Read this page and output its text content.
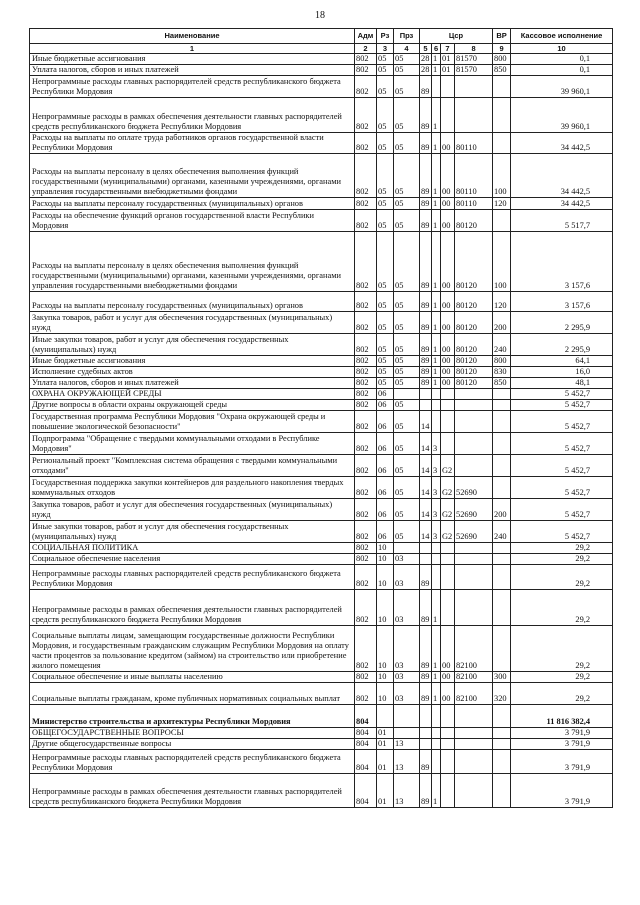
18
Наименование	Адм	Рз	Прз	Цср				ВР	Кассовое исполнение
1	2	3	4	5	6	7	8	9	10
Иные бюджетные ассигнования	802	05	05	28	1	01	81570	800	0,1
Уплата налогов, сборов и иных платежей	802	05	05	28	1	01	81570	850	0,1
Непрограммные расходы главных распорядителей средств республиканского бюджета Республики Мордовия	802	05	05	89					39 960,1
Непрограммные расходы в рамках обеспечения деятельности главных распорядителей средств республиканского бюджета Республики Мордовия	802	05	05	89	1				39 960,1
Расходы на выплаты по оплате труда работников органов государственной власти Республики Мордовия	802	05	05	89	1	00	80110		34 442,5
Расходы на выплаты персоналу в целях обеспечения выполнения функций государственными (муниципальными) органами, казенными учреждениями, органами управления государственными внебюджетными фондами	802	05	05	89	1	00	80110	100	34 442,5
Расходы на выплаты персоналу государственных (муниципальных) органов	802	05	05	89	1	00	80110	120	34 442,5
Расходы на обеспечение функций органов государственной власти Республики Мордовия	802	05	05	89	1	00	80120		5 517,7
Расходы на выплаты персоналу в целях обеспечения выполнения функций государственными (муниципальными) органами, казенными учреждениями, органами управления государственными внебюджетными фондами	802	05	05	89	1	00	80120	100	3 157,6
Расходы на выплаты персоналу государственных (муниципальных) органов	802	05	05	89	1	00	80120	120	3 157,6
Закупка товаров, работ и услуг для обеспечения государственных (муниципальных) нужд	802	05	05	89	1	00	80120	200	2 295,9
Иные закупки товаров, работ и услуг для обеспечения государственных (муниципальных) нужд	802	05	05	89	1	00	80120	240	2 295,9
Иные бюджетные ассигнования	802	05	05	89	1	00	80120	800	64,1
Исполнение судебных актов	802	05	05	89	1	00	80120	830	16,0
Уплата налогов, сборов и иных платежей	802	05	05	89	1	00	80120	850	48,1
ОХРАНА ОКРУЖАЮЩЕЙ СРЕДЫ	802	06							5 452,7
Другие вопросы в области охраны окружающей среды	802	06	05						5 452,7
Государственная программа Республики Мордовия "Охрана окружающей среды и повышение экологической безопасности"	802	06	05	14					5 452,7
Подпрограмма "Обращение с твердыми коммунальными отходами в Республике Мордовия"	802	06	05	14	3				5 452,7
Региональный проект "Комплексная система обращения с твердыми коммунальными отходами"	802	06	05	14	3	G2			5 452,7
Государственная поддержка закупки контейнеров для раздельного накопления твердых коммунальных отходов	802	06	05	14	3	G2	52690		5 452,7
Закупка товаров, работ и услуг для обеспечения государственных (муниципальных) нужд	802	06	05	14	3	G2	52690	200	5 452,7
Иные закупки товаров, работ и услуг для обеспечения государственных (муниципальных) нужд	802	06	05	14	3	G2	52690	240	5 452,7
СОЦИАЛЬНАЯ ПОЛИТИКА	802	10							29,2
Социальное обеспечение населения	802	10	03						29,2
Непрограммные расходы главных распорядителей средств республиканского бюджета Республики Мордовия	802	10	03	89					29,2
Непрограммные расходы в рамках обеспечения деятельности главных распорядителей средств республиканского бюджета Республики Мордовия	802	10	03	89	1				29,2
Социальные выплаты лицам, замещающим государственные должности Республики Мордовия, и государственным гражданским служащим Республики Мордовия на оплату части процентов за пользование кредитом (займом) на строительство или приобретение жилого помещения	802	10	03	89	1	00	82100		29,2
Социальное обеспечение и иные выплаты населению	802	10	03	89	1	00	82100	300	29,2
Социальные выплаты гражданам, кроме публичных нормативных социальных выплат	802	10	03	89	1	00	82100	320	29,2
Министерство строительства и архитектуры Республики Мордовия	804								11 816 382,4
ОБЩЕГОСУДАРСТВЕННЫЕ ВОПРОСЫ	804	01							3 791,9
Другие общегосударственные вопросы	804	01	13						3 791,9
Непрограммные расходы главных распорядителей средств республиканского бюджета Республики Мордовия	804	01	13	89					3 791,9
Непрограммные расходы в рамках обеспечения деятельности главных распорядителей средств республиканского бюджета Республики Мордовия	804	01	13	89	1				3 791,9
